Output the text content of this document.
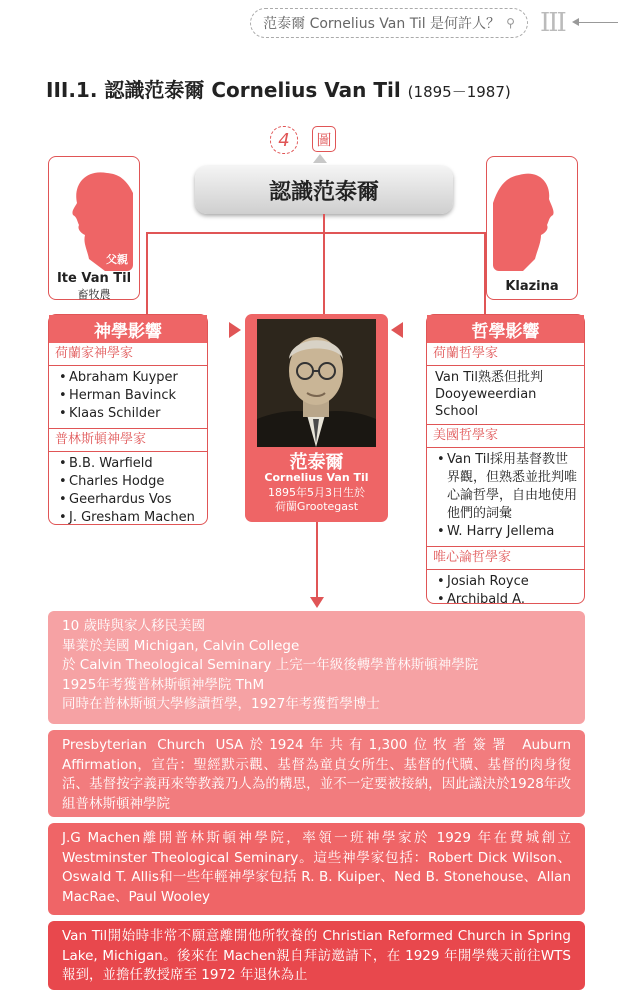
范泰爾 Cornelius Van Til 是何許人？ ⚲ III
III.1. 認識范泰爾 Cornelius Van Til (1895－1987)
4	圖
認識范泰爾
父親
Ite Van Til
畜牧農
母親
Klazina
神學影響
荷蘭家神學家
• Abraham Kuyper
• Herman Bavinck
• Klaas Schilder
普林斯頓神學家
• B.B. Warfield
• Charles Hodge
• Geerhardus Vos
• J. Gresham Machen
范泰爾
Cornelius Van Til
1895年5月3日生於
荷蘭Grootegast
哲學影響
荷蘭哲學家
Van Til熟悉但批判 Dooyeweerdian School
美國哲學家
• Van Til採用基督教世界觀，但熟悉並批判唯心論哲學，自由地使用他們的詞彙
• W. Harry Jellema
唯心論哲學家
• Josiah Royce
• Archibald A.
•
10 歲時與家人移民美國
畢業於美國 Michigan, Calvin College
於 Calvin Theological Seminary 上完一年級後轉學普林斯頓神學院
1925年考獲普林斯頓神學院 ThM
同時在普林斯頓大學修讀哲學，1927年考獲哲學博士
Presbyterian Church USA於1924年共有1,300位牧者簽署 Auburn Affirmation，宣告：聖經默示觀、基督為童貞女所生、基督的代贖、基督的肉身復活、基督按字義再來等教義乃人為的構思，並不一定要被接納，因此議決於1928年改組普林斯頓神學院
J.G Machen離開普林斯頓神學院，率領一班神學家於 1929 年在費城創立 Westminster Theological Seminary。這些神學家包括：Robert Dick Wilson、Oswald T. Allis和一些年輕神學家包括 R. B. Kuiper、Ned B. Stonehouse、Allan MacRae、Paul Wooley
Van Til開始時非常不願意離開他所牧養的 Christian Reformed Church in Spring Lake, Michigan。後來在 Machen親自拜訪邀請下，在 1929 年開學幾天前往WTS報到，並擔任教授席至 1972 年退休為止
